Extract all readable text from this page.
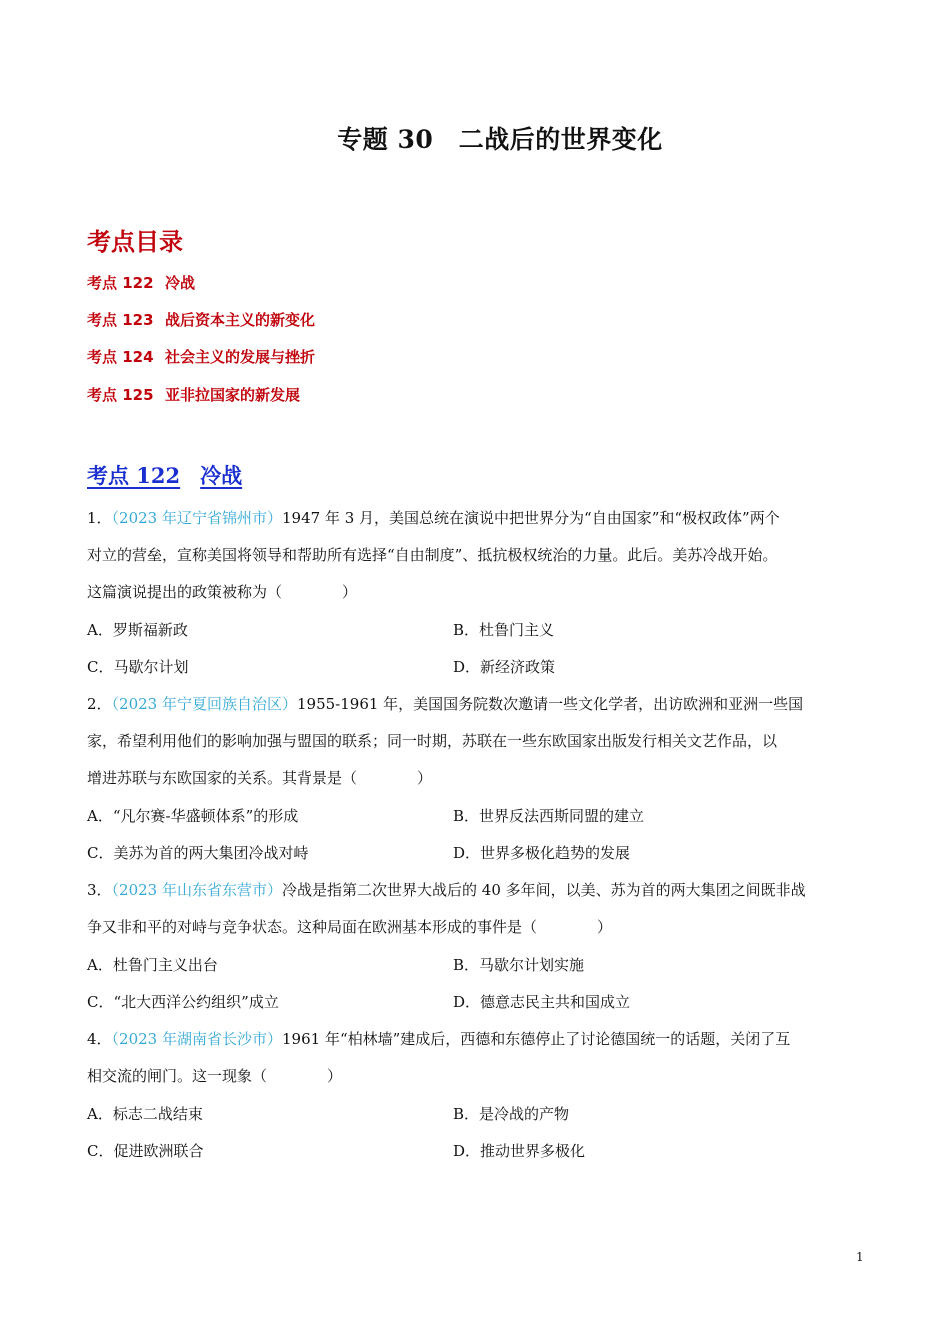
专题 30　二战后的世界变化
考点目录
考点 122 冷战
考点 123 战后资本主义的新变化
考点 124 社会主义的发展与挫折
考点 125 亚非拉国家的新发展
考点 122 冷战
1．（2023 年辽宁省锦州市）1947 年 3 月，美国总统在演说中把世界分为“自由国家”和“极权政体”两个
对立的营垒，宣称美国将领导和帮助所有选择“自由制度”、抵抗极权统治的力量。此后。美苏冷战开始。
这篇演说提出的政策被称为（　　　　）
A．罗斯福新政	B．杜鲁门主义
C．马歇尔计划	D．新经济政策
2．（2023 年宁夏回族自治区）1955-1961 年，美国国务院数次邀请一些文化学者，出访欧洲和亚洲一些国
家，希望利用他们的影响加强与盟国的联系；同一时期，苏联在一些东欧国家出版发行相关文艺作品，以
增进苏联与东欧国家的关系。其背景是（　　　　）
A．“凡尔赛-华盛顿体系”的形成	B．世界反法西斯同盟的建立
C．美苏为首的两大集团冷战对峙	D．世界多极化趋势的发展
3．（2023 年山东省东营市）冷战是指第二次世界大战后的 40 多年间，以美、苏为首的两大集团之间既非战
争又非和平的对峙与竞争状态。这种局面在欧洲基本形成的事件是（　　　　）
A．杜鲁门主义出台	B．马歇尔计划实施
C．“北大西洋公约组织”成立	D．德意志民主共和国成立
4．（2023 年湖南省长沙市）1961 年“柏林墙”建成后，西德和东德停止了讨论德国统一的话题，关闭了互
相交流的闸门。这一现象（　　　　）
A．标志二战结束	B．是冷战的产物
C．促进欧洲联合	D．推动世界多极化
1
